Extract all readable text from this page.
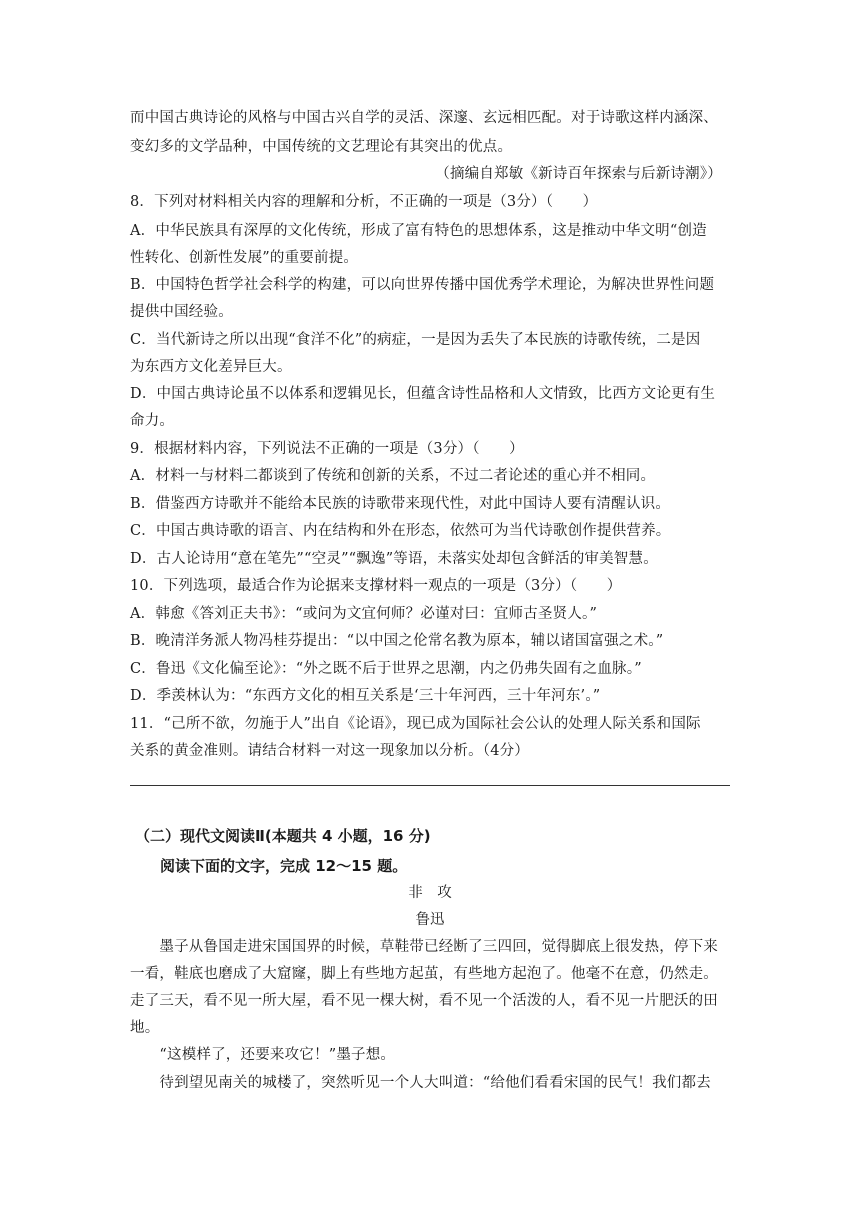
而中国古典诗论的风格与中国古兴自学的灵活、深邃、玄远相匹配。对于诗歌这样内涵深、
变幻多的文学品种，中国传统的文艺理论有其突出的优点。
（摘编自郑敏《新诗百年探索与后新诗潮》）
8．下列对材料相关内容的理解和分析，不正确的一项是（3分）（　　）
A．中华民族具有深厚的文化传统，形成了富有特色的思想体系，这是推动中华文明“创造
性转化、创新性发展”的重要前提。
B．中国特色哲学社会科学的构建，可以向世界传播中国优秀学术理论，为解决世界性问题
提供中国经验。
C．当代新诗之所以出现“食洋不化”的病症，一是因为丢失了本民族的诗歌传统，二是因
为东西方文化差异巨大。
D．中国古典诗论虽不以体系和逻辑见长，但蕴含诗性品格和人文情致，比西方文论更有生
命力。
9．根据材料内容，下列说法不正确的一项是（3分）（　　）
A．材料一与材料二都谈到了传统和创新的关系，不过二者论述的重心并不相同。
B．借鉴西方诗歌并不能给本民族的诗歌带来现代性，对此中国诗人要有清醒认识。
C．中国古典诗歌的语言、内在结构和外在形态，依然可为当代诗歌创作提供营养。
D．古人论诗用“意在笔先”“空灵”“飘逸”等语，未落实处却包含鲜活的审美智慧。
10．下列选项，最适合作为论据来支撑材料一观点的一项是（3分）（　　）
A．韩愈《答刘正夫书》：“或问为文宜何师？必谨对曰：宜师古圣贤人。”
B．晚清洋务派人物冯桂芬提出：“以中国之伦常名教为原本，辅以诸国富强之术。”
C．鲁迅《文化偏至论》：“外之既不后于世界之思潮，内之仍弗失固有之血脉。”
D．季羡林认为：“东西方文化的相互关系是‘三十年河西，三十年河东’。”
11．“己所不欲，勿施于人”出自《论语》，现已成为国际社会公认的处理人际关系和国际
关系的黄金准则。请结合材料一对这一现象加以分析。（4分）
（二）现代文阅读Ⅱ(本题共 4 小题，16 分)
阅读下面的文字，完成 12～15 题。
非　攻
鲁迅
　　墨子从鲁国走进宋国国界的时候，草鞋带已经断了三四回，觉得脚底上很发热，停下来
一看，鞋底也磨成了大窟窿，脚上有些地方起茧，有些地方起泡了。他毫不在意，仍然走。
走了三天，看不见一所大屋，看不见一棵大树，看不见一个活泼的人，看不见一片肥沃的田
地。
　　“这模样了，还要来攻它！”墨子想。
　　待到望见南关的城楼了，突然听见一个人大叫道：“给他们看看宋国的民气！我们都去
